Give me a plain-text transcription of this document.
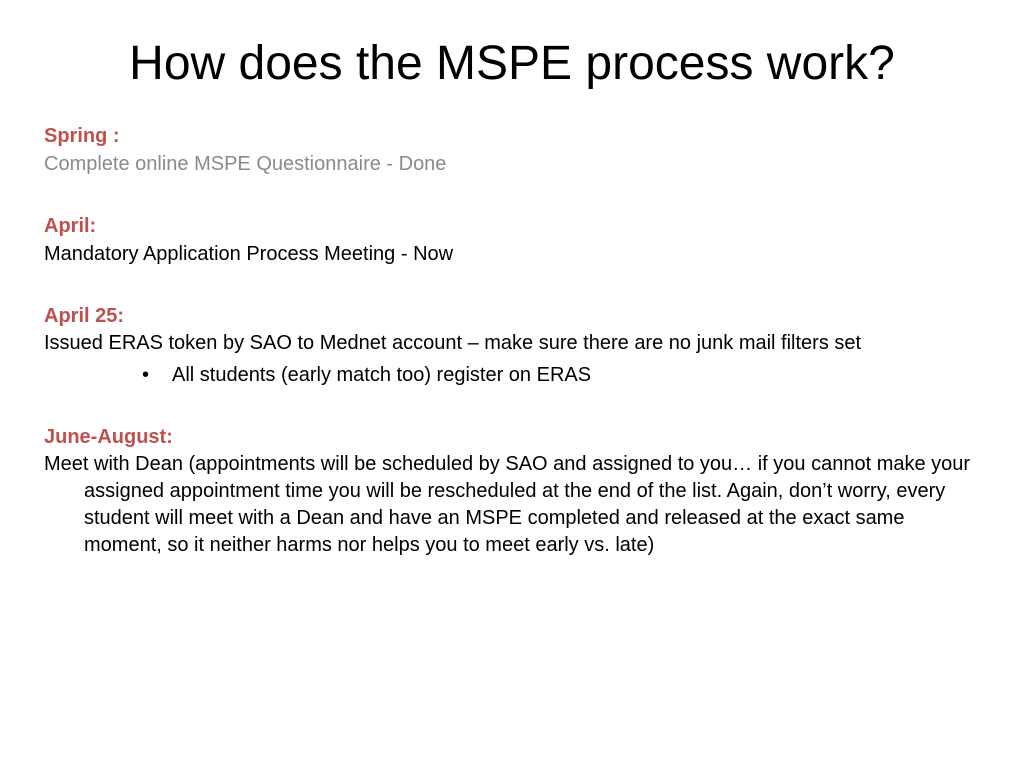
How does the MSPE process work?

Spring :

Complete online MSPE Questionnaire - Done

April:

Mandatory Application Process Meeting - Now

April 25:

Issued ERAS token by SAO to Mednet account – make sure there are no junk mail filters set

• All students (early match too) register on ERAS

June-August:

Meet with Dean (appointments will be scheduled by SAO and assigned to you… if you cannot make your assigned appointment time you will be rescheduled at the end of the list. Again, don’t worry, every student will meet with a Dean and have an MSPE completed and released at the exact same moment, so it neither harms nor helps you to meet early vs. late)
